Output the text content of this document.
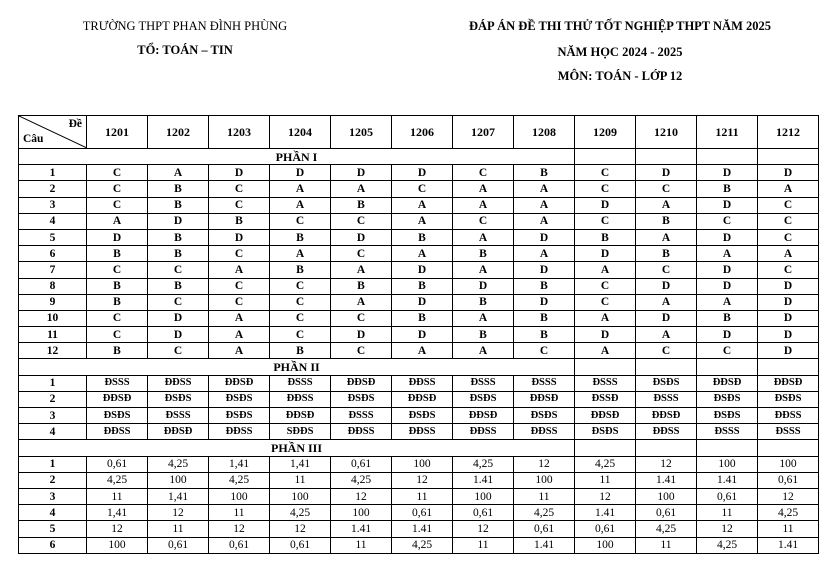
TRƯỜNG THPT PHAN ĐÌNH PHÙNG
TỔ: TOÁN – TIN
ĐÁP ÁN ĐỀ THI THỬ TỐT NGHIỆP THPT NĂM 2025
NĂM HỌC 2024 - 2025
MÔN: TOÁN - LỚP 12
Đề
Câu	1201	1202	1203	1204	1205	1206	1207	1208	1209	1210	1211	1212
PHẦN I												
1	C	A	D	D	D	D	C	B	C	D	D	D
2	C	B	C	A	A	C	A	A	C	C	B	A
3	C	B	C	A	B	A	A	A	D	A	D	C
4	A	D	B	C	C	A	C	A	C	B	C	C
5	D	B	D	B	D	B	A	D	B	A	D	C
6	B	B	C	A	C	A	B	A	D	B	A	A
7	C	C	A	B	A	D	A	D	A	C	D	C
8	B	B	C	C	B	B	D	B	C	D	D	D
9	B	C	C	C	A	D	B	D	C	A	A	D
10	C	D	A	C	C	B	A	B	A	D	B	D
11	C	D	A	C	D	D	B	B	D	A	D	D
12	B	C	A	B	C	A	A	C	A	C	C	D
PHẦN II												
1	ĐSSS	ĐĐSS	ĐĐSĐ	ĐSSS	ĐĐSĐ	ĐĐSS	ĐSSS	ĐSSS	ĐSSS	ĐSĐS	ĐĐSĐ	ĐĐSĐ
2	ĐĐSĐ	ĐSĐS	ĐSĐS	ĐĐSS	ĐSĐS	ĐĐSĐ	ĐSĐS	ĐĐSĐ	ĐSSĐ	ĐSSS	ĐSĐS	ĐSĐS
3	ĐSĐS	ĐSSS	ĐSĐS	ĐĐSĐ	ĐSSS	ĐSĐS	ĐĐSĐ	ĐSĐS	ĐĐSĐ	ĐĐSĐ	ĐSĐS	ĐĐSS
4	ĐĐSS	ĐĐSĐ	ĐĐSS	SĐĐS	ĐĐSS	ĐĐSS	ĐĐSS	ĐĐSS	ĐSĐS	ĐĐSS	ĐSSS	ĐSSS
PHẦN III												
1	0,61	4,25	1,41	1,41	0,61	100	4,25	12	4,25	12	100	100
2	4,25	100	4,25	11	4,25	12	1.41	100	11	1.41	1.41	0,61
3	11	1,41	100	100	12	11	100	11	12	100	0,61	12
4	1,41	12	11	4,25	100	0,61	0,61	4,25	1.41	0,61	11	4,25
5	12	11	12	12	1.41	1.41	12	0,61	0,61	4,25	12	11
6	100	0,61	0,61	0,61	11	4,25	11	1.41	100	11	4,25	1.41
